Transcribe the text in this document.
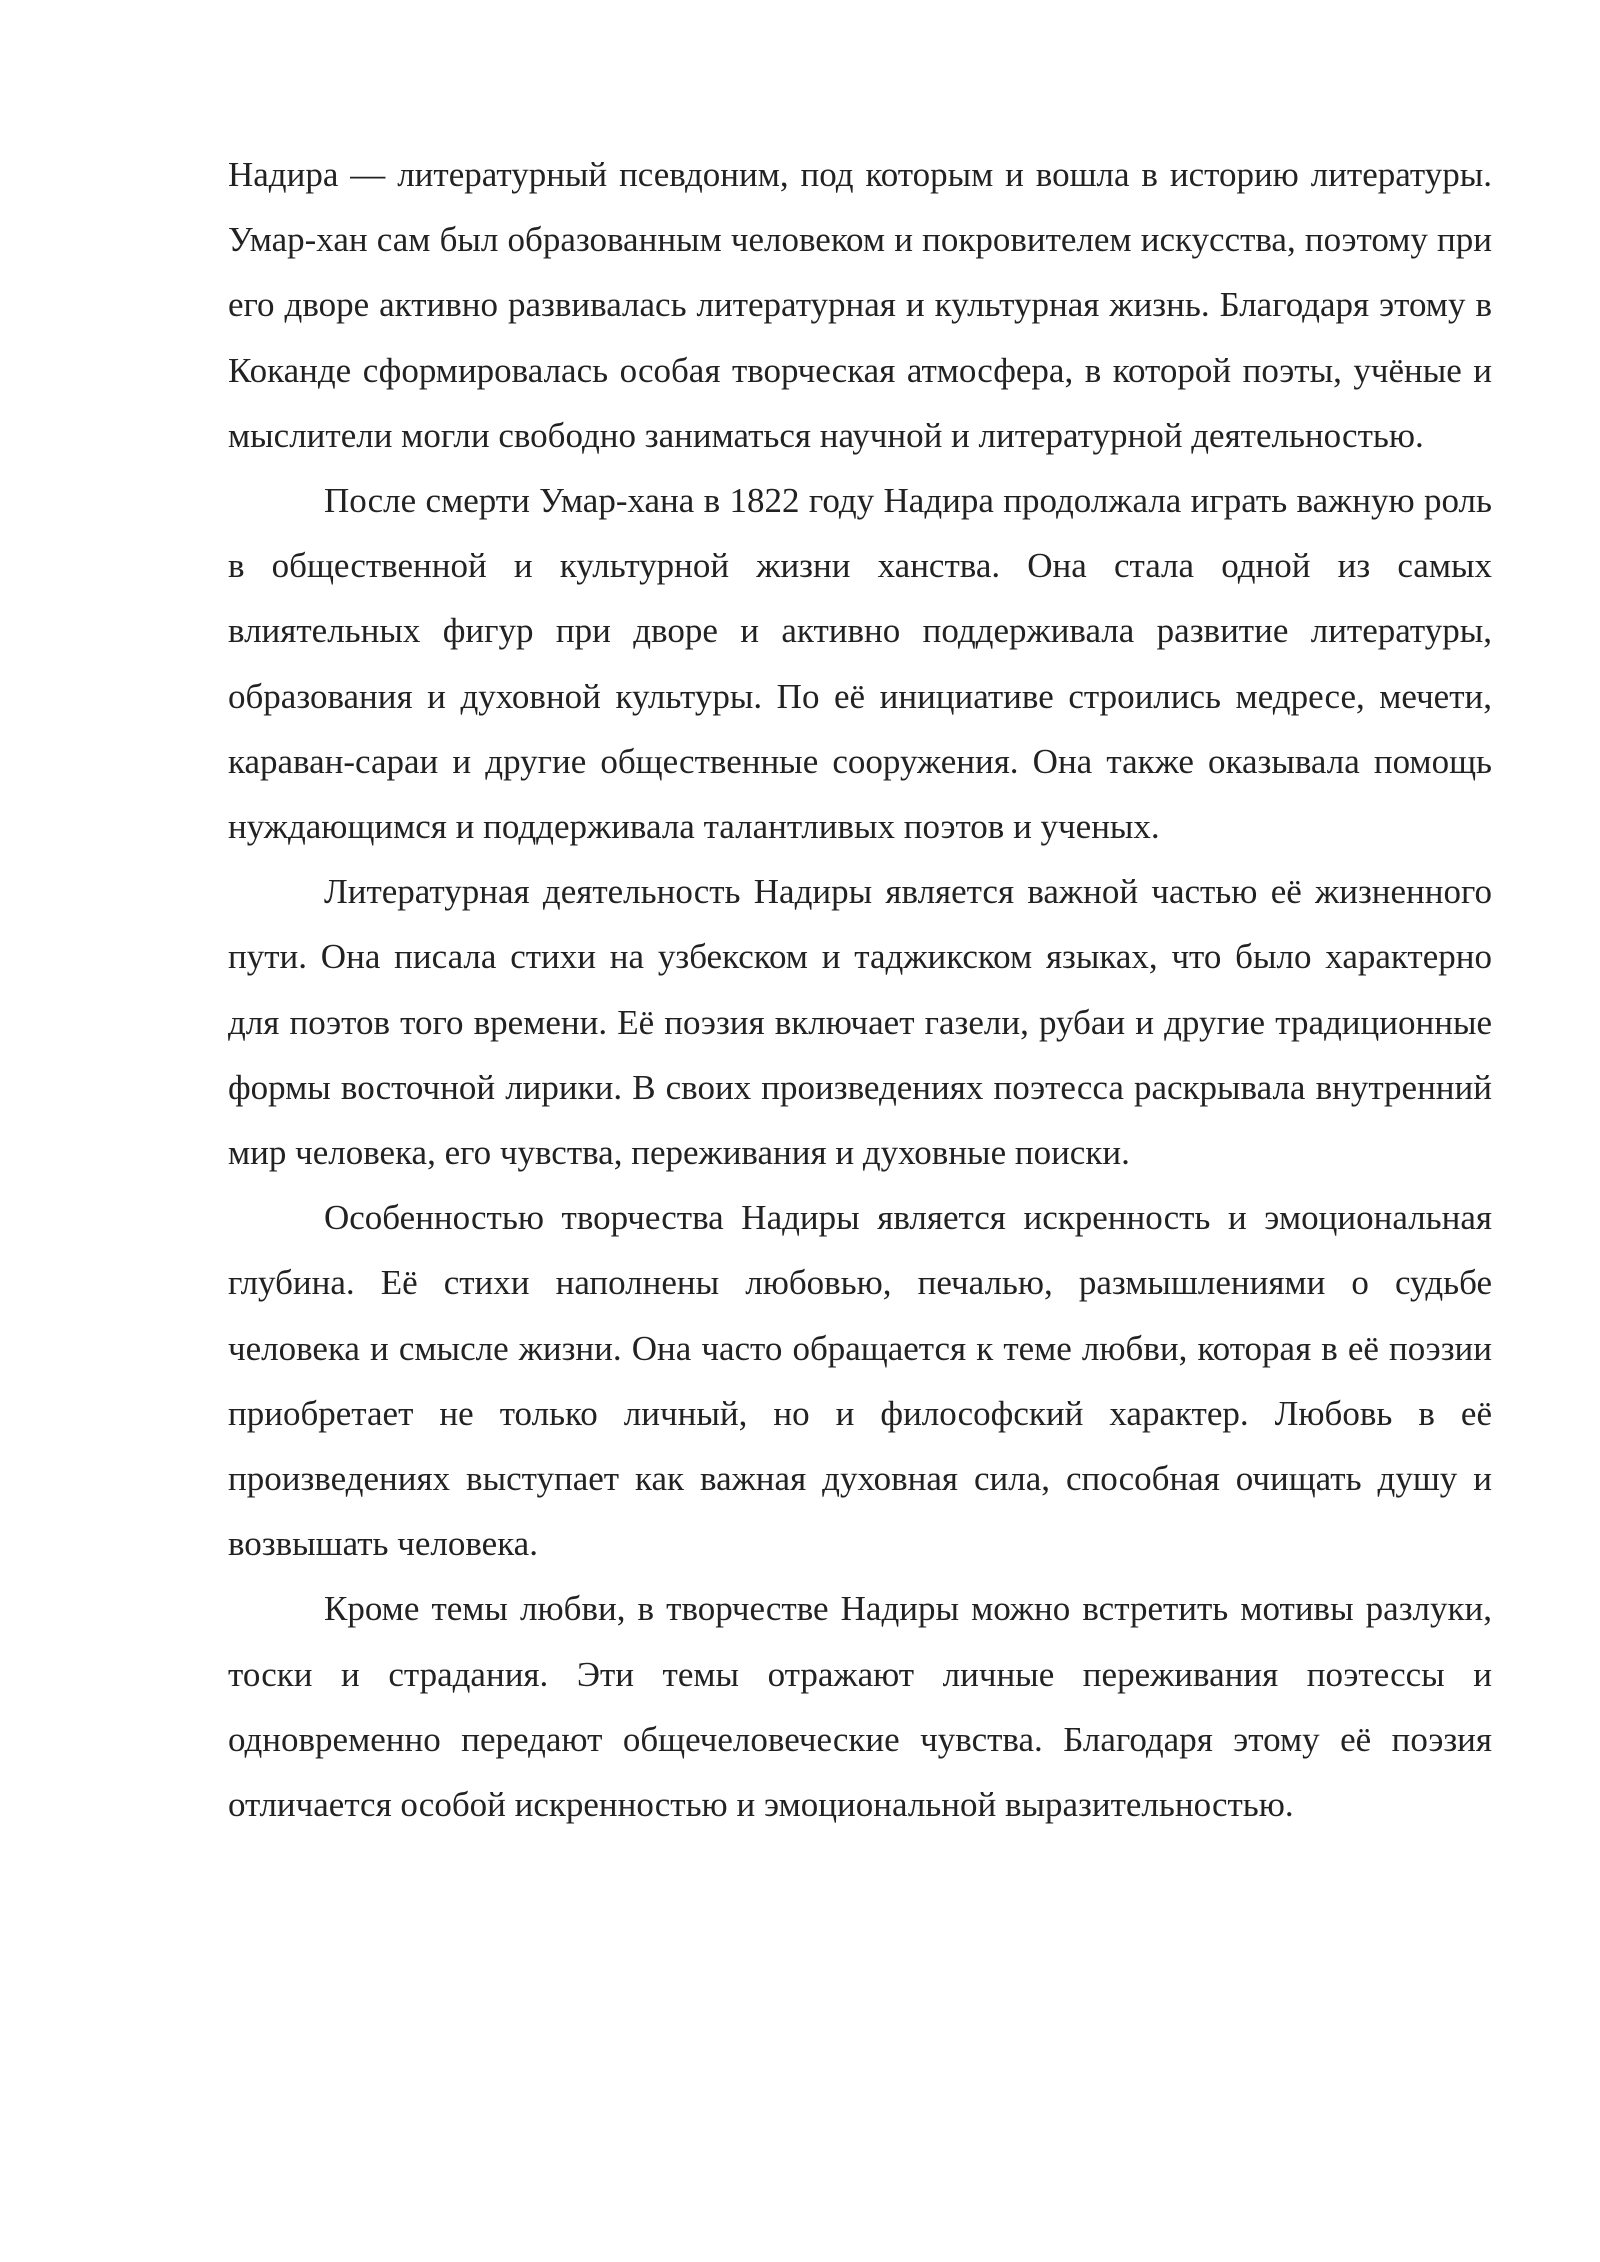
Надира — литературный псевдоним, под которым и вошла в историю литературы. Умар-хан сам был образованным человеком и покровителем искусства, поэтому при его дворе активно развивалась литературная и культурная жизнь. Благодаря этому в Коканде сформировалась особая творческая атмосфера, в которой поэты, учёные и мыслители могли свободно заниматься научной и литературной деятельностью.

После смерти Умар-хана в 1822 году Надира продолжала играть важную роль в общественной и культурной жизни ханства. Она стала одной из самых влиятельных фигур при дворе и активно поддерживала развитие литературы, образования и духовной культуры. По её инициативе строились медресе, мечети, караван-сараи и другие общественные сооружения. Она также оказывала помощь нуждающимся и поддерживала талантливых поэтов и ученых.

Литературная деятельность Надиры является важной частью её жизненного пути. Она писала стихи на узбекском и таджикском языках, что было характерно для поэтов того времени. Её поэзия включает газели, рубаи и другие традиционные формы восточной лирики. В своих произведениях поэтесса раскрывала внутренний мир человека, его чувства, переживания и духовные поиски.

Особенностью творчества Надиры является искренность и эмоциональная глубина. Её стихи наполнены любовью, печалью, размышлениями о судьбе человека и смысле жизни. Она часто обращается к теме любви, которая в её поэзии приобретает не только личный, но и философский характер. Любовь в её произведениях выступает как важная духовная сила, способная очищать душу и возвышать человека.

Кроме темы любви, в творчестве Надиры можно встретить мотивы разлуки, тоски и страдания. Эти темы отражают личные переживания поэтессы и одновременно передают общечеловеческие чувства. Благодаря этому её поэзия отличается особой искренностью и эмоциональной выразительностью.
